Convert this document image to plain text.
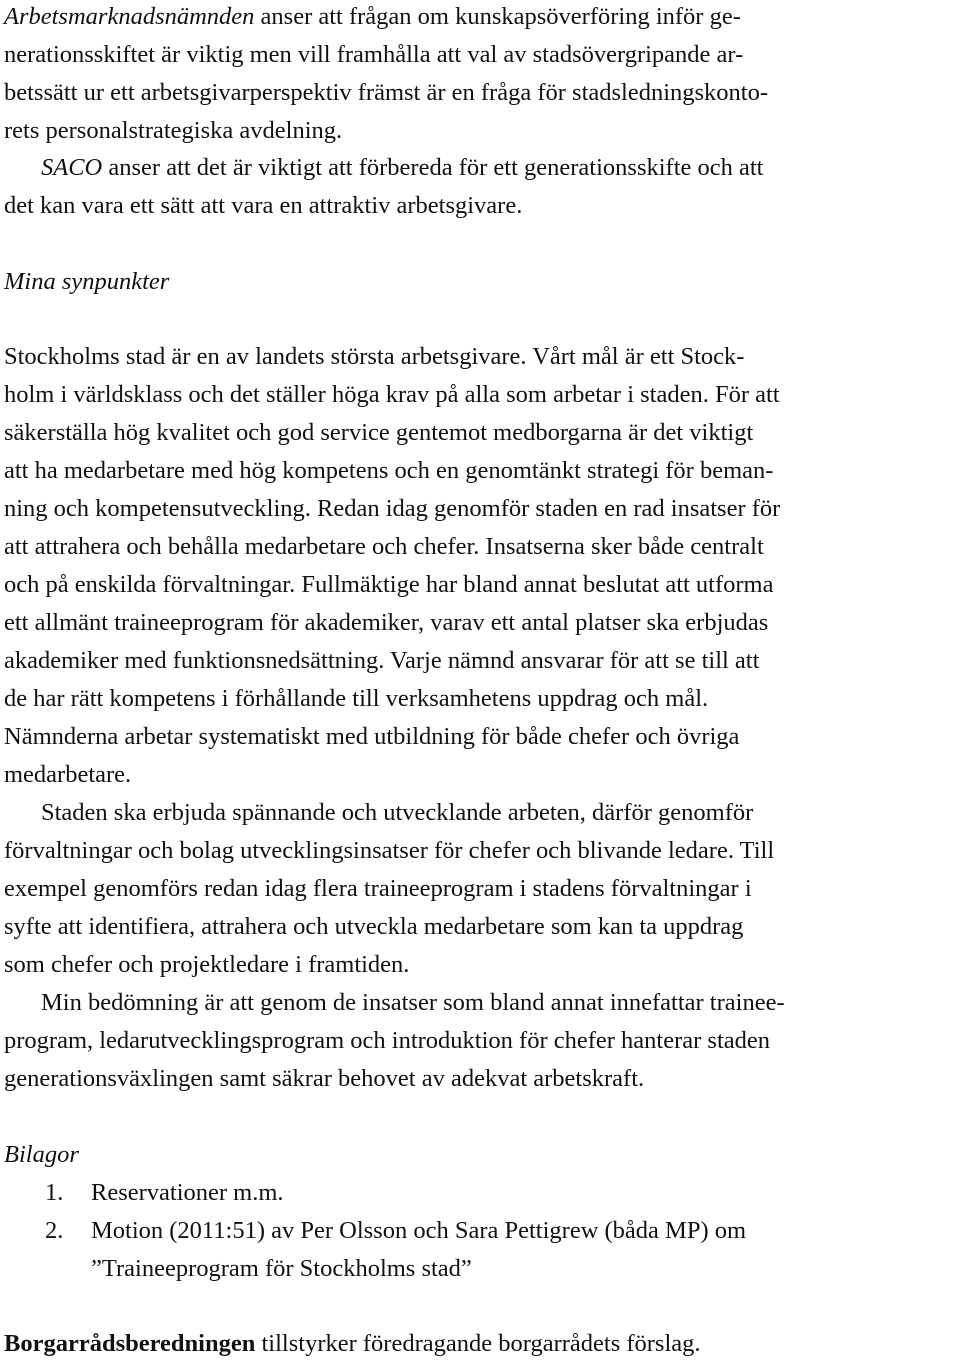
Arbetsmarknadsnämnden anser att frågan om kunskapsöverföring inför ge-
nerationsskiftet är viktig men vill framhålla att val av stadsövergripande ar-
betssätt ur ett arbetsgivarperspektiv främst är en fråga för stadsledningskonto-
rets personalstrategiska avdelning.
SACO anser att det är viktigt att förbereda för ett generationsskifte och att
det kan vara ett sätt att vara en attraktiv arbetsgivare.
Mina synpunkter
Stockholms stad är en av landets största arbetsgivare. Vårt mål är ett Stock-
holm i världsklass och det ställer höga krav på alla som arbetar i staden. För att
säkerställa hög kvalitet och god service gentemot medborgarna är det viktigt
att ha medarbetare med hög kompetens och en genomtänkt strategi för beman-
ning och kompetensutveckling. Redan idag genomför staden en rad insatser för
att attrahera och behålla medarbetare och chefer. Insatserna sker både centralt
och på enskilda förvaltningar. Fullmäktige har bland annat beslutat att utforma
ett allmänt traineeprogram för akademiker, varav ett antal platser ska erbjudas
akademiker med funktionsnedsättning. Varje nämnd ansvarar för att se till att
de har rätt kompetens i förhållande till verksamhetens uppdrag och mål.
Nämnderna arbetar systematiskt med utbildning för både chefer och övriga
medarbetare.
Staden ska erbjuda spännande och utvecklande arbeten, därför genomför
förvaltningar och bolag utvecklingsinsatser för chefer och blivande ledare. Till
exempel genomförs redan idag flera traineeprogram i stadens förvaltningar i
syfte att identifiera, attrahera och utveckla medarbetare som kan ta uppdrag
som chefer och projektledare i framtiden.
Min bedömning är att genom de insatser som bland annat innefattar trainee-
program, ledarutvecklingsprogram och introduktion för chefer hanterar staden
generationsväxlingen samt säkrar behovet av adekvat arbetskraft.
Bilagor
1. Reservationer m.m.
2. Motion (2011:51) av Per Olsson och Sara Pettigrew (båda MP) om
”Traineeprogram för Stockholms stad”
Borgarrådsberedningen tillstyrker föredragande borgarrådets förslag.
